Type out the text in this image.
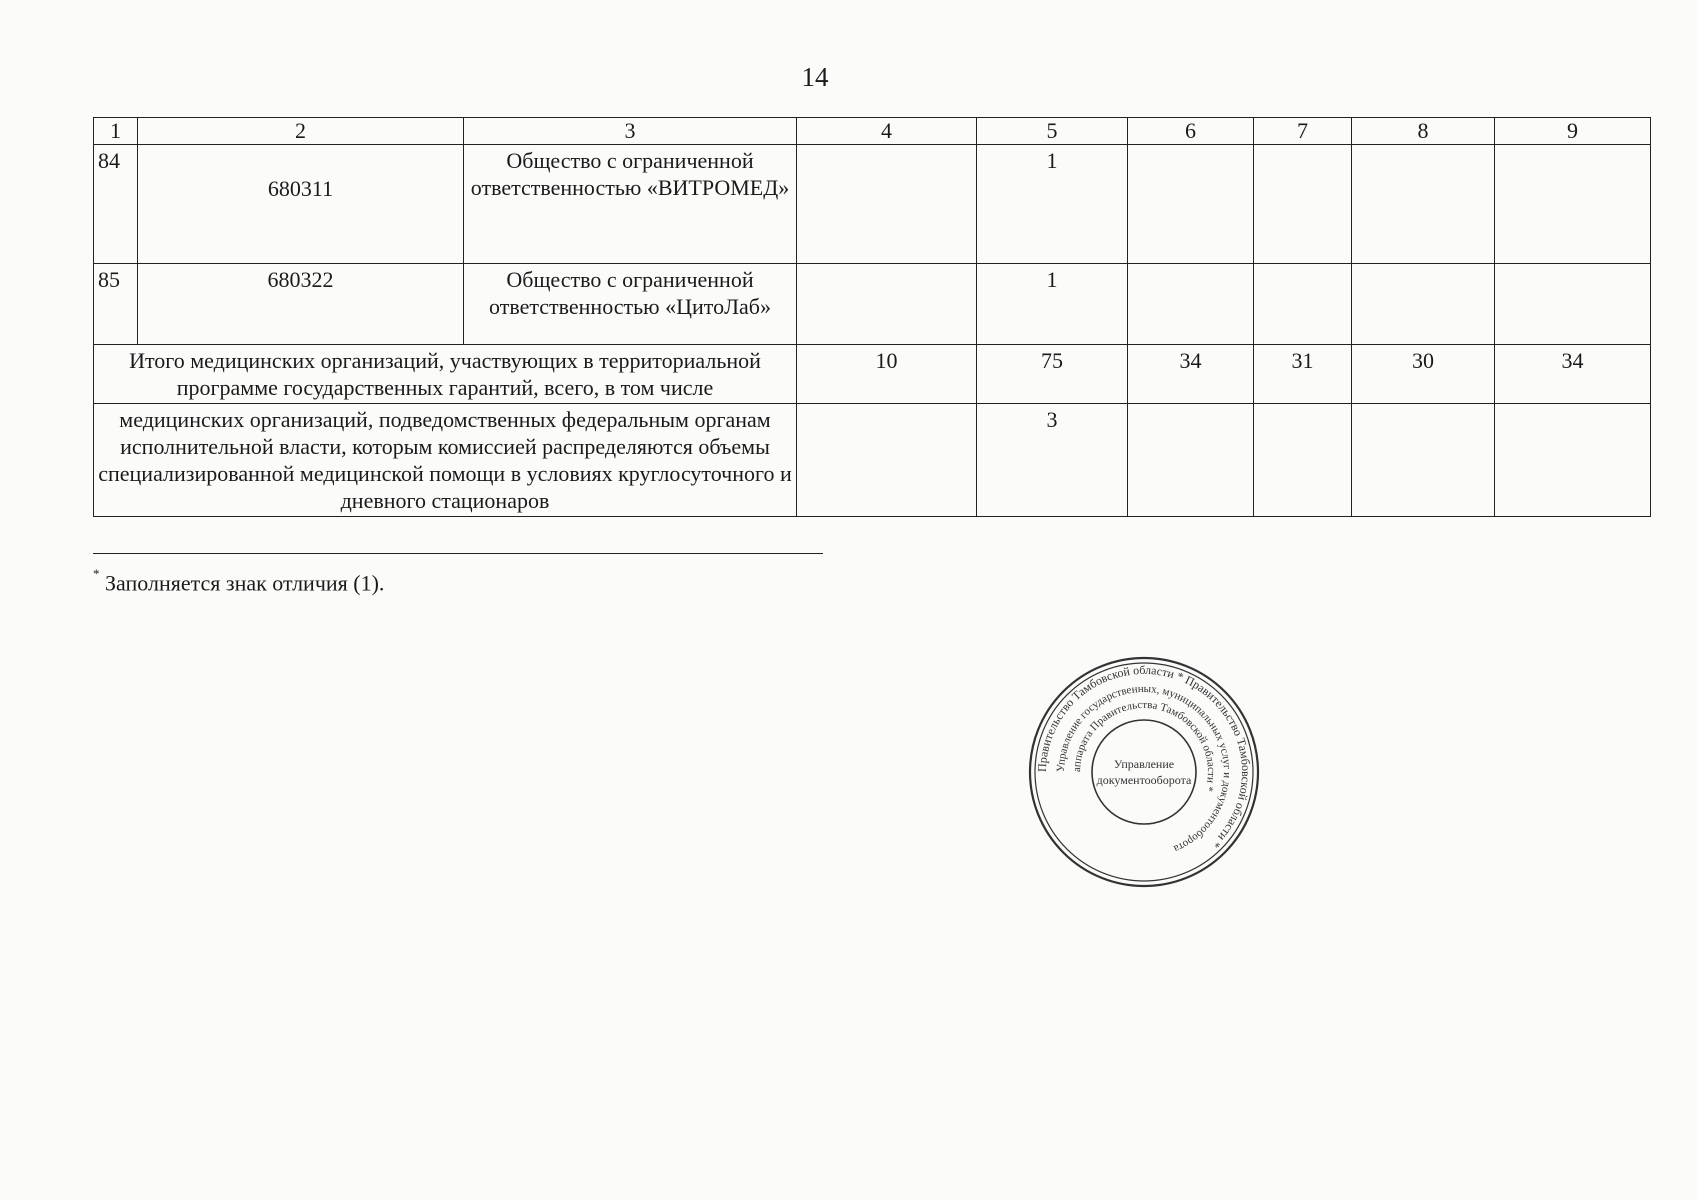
14
1	2	3	4	5	6	7	8	9
84	680311	Общество с ограниченной ответственностью «ВИТРОМЕД»		1				
85	680322	Общество с ограниченной ответственностью «ЦитоЛаб»		1				
Итого медицинских организаций, участвующих в территориальной программе государственных гарантий, всего, в том числе			10	75	34	31	30	34
медицинских организаций, подведомственных федеральным органам исполнительной власти, которым комиссией распределяются объемы специализированной медицинской помощи в условиях круглосуточного и дневного стационаров				3				
* Заполняется знак отличия (1).
Правительство Тамбовской области * Правительство Тамбовской области *
Управление государственных, муниципальных услуг и документооборота
аппарата Правительства Тамбовской области *
Управление
документооборота
